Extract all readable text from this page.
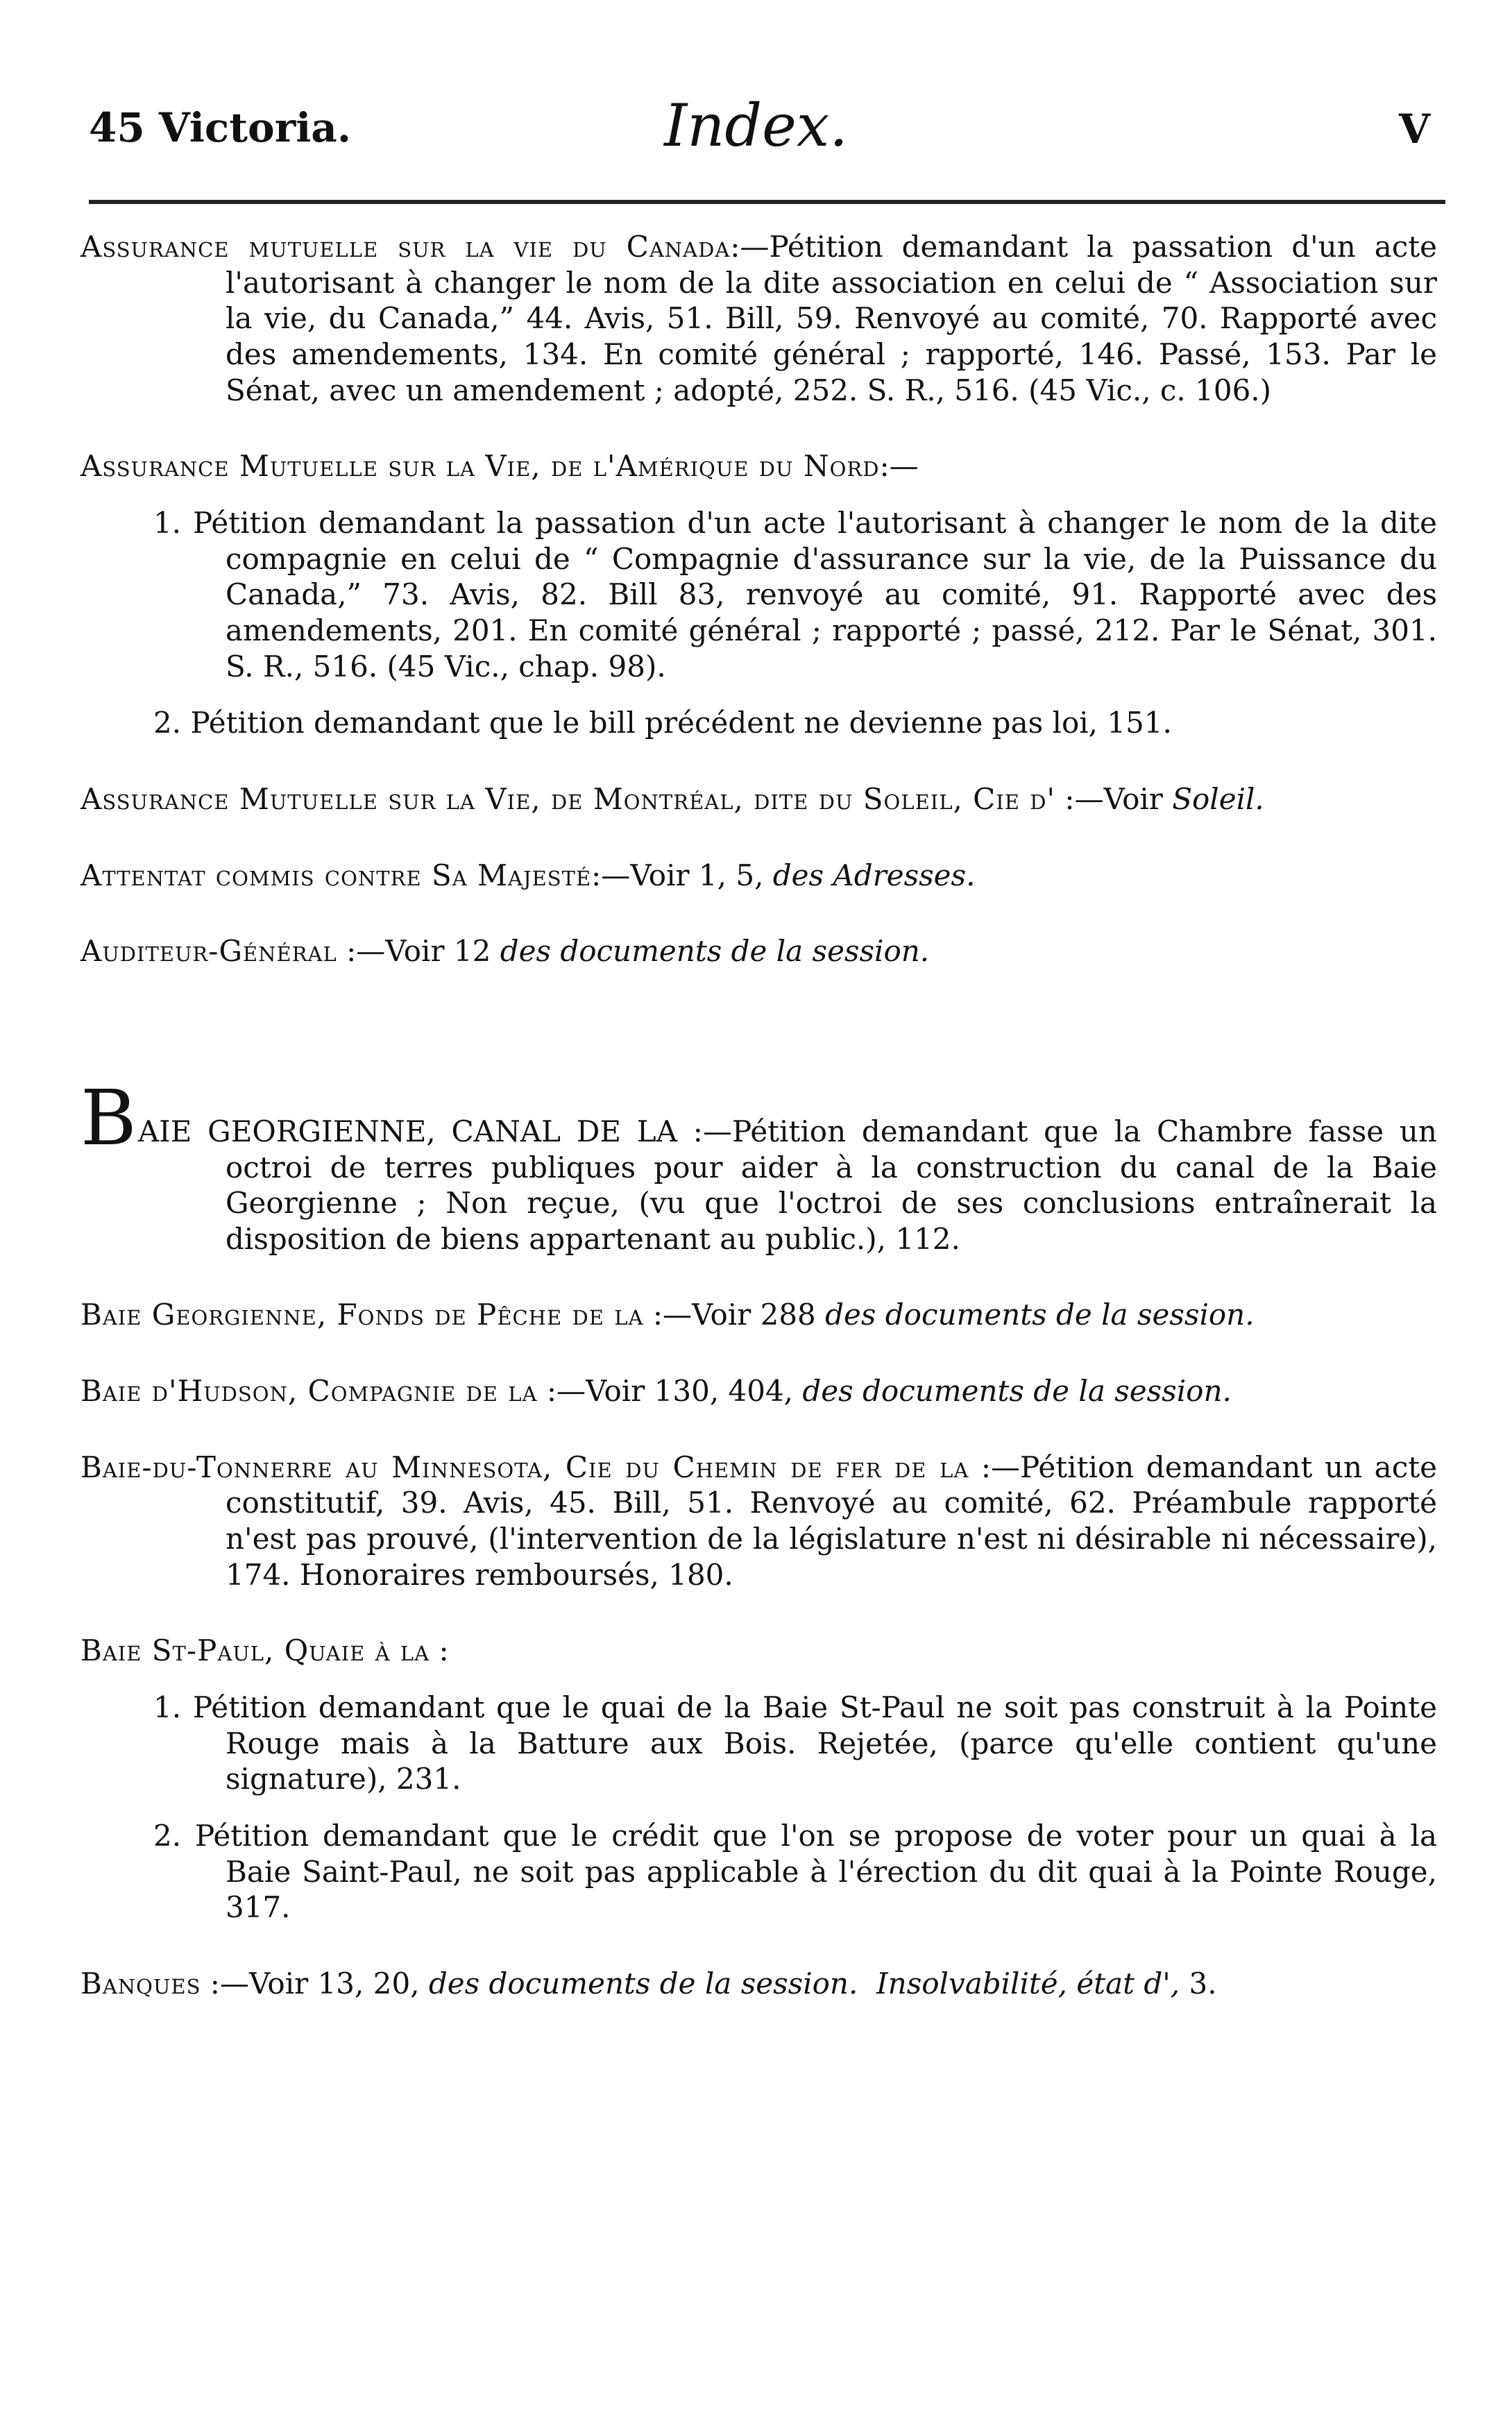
45 Victoria.	Index.	V

Assurance mutuelle sur la vie du Canada:—Pétition demandant la passation d'un acte l'autorisant à changer le nom de la dite association en celui de “ Association sur la vie, du Canada,” 44. Avis, 51. Bill, 59. Renvoyé au comité, 70. Rapporté avec des amendements, 134. En comité général ; rapporté, 146. Passé, 153. Par le Sénat, avec un amendement ; adopté, 252. S. R., 516. (45 Vic., c. 106.)

Assurance Mutuelle sur la Vie, de l'Amérique du Nord:—

1. Pétition demandant la passation d'un acte l'autorisant à changer le nom de la dite compagnie en celui de “ Compagnie d'assurance sur la vie, de la Puissance du Canada,” 73. Avis, 82. Bill 83, renvoyé au comité, 91. Rapporté avec des amendements, 201. En comité général ; rapporté ; passé, 212. Par le Sénat, 301. S. R., 516. (45 Vic., chap. 98).

2. Pétition demandant que le bill précédent ne devienne pas loi, 151.

Assurance Mutuelle sur la Vie, de Montréal, dite du Soleil, Cie d' :—Voir Soleil.

Attentat commis contre Sa Majesté:—Voir 1, 5, des Adresses.

Auditeur-Général :—Voir 12 des documents de la session.

BAIE GEORGIENNE, CANAL DE LA :—Pétition demandant que la Chambre fasse un octroi de terres publiques pour aider à la construction du canal de la Baie Georgienne ; Non reçue, (vu que l'octroi de ses conclusions entraînerait la disposition de biens appartenant au public.), 112.

Baie Georgienne, Fonds de Pêche de la :—Voir 288 des documents de la session.

Baie d'Hudson, Compagnie de la :—Voir 130, 404, des documents de la session.

Baie-du-Tonnerre au Minnesota, Cie du Chemin de fer de la :—Pétition demandant un acte constitutif, 39. Avis, 45. Bill, 51. Renvoyé au comité, 62. Préambule rapporté n'est pas prouvé, (l'intervention de la législature n'est ni désirable ni nécessaire), 174. Honoraires remboursés, 180.

Baie St-Paul, Quaie à la :

1. Pétition demandant que le quai de la Baie St-Paul ne soit pas construit à la Pointe Rouge mais à la Batture aux Bois. Rejetée, (parce qu'elle contient qu'une signature), 231.

2. Pétition demandant que le crédit que l'on se propose de voter pour un quai à la Baie Saint-Paul, ne soit pas applicable à l'érection du dit quai à la Pointe Rouge, 317.

Banques :—Voir 13, 20, des documents de la session. Insolvabilité, état d', 3.
